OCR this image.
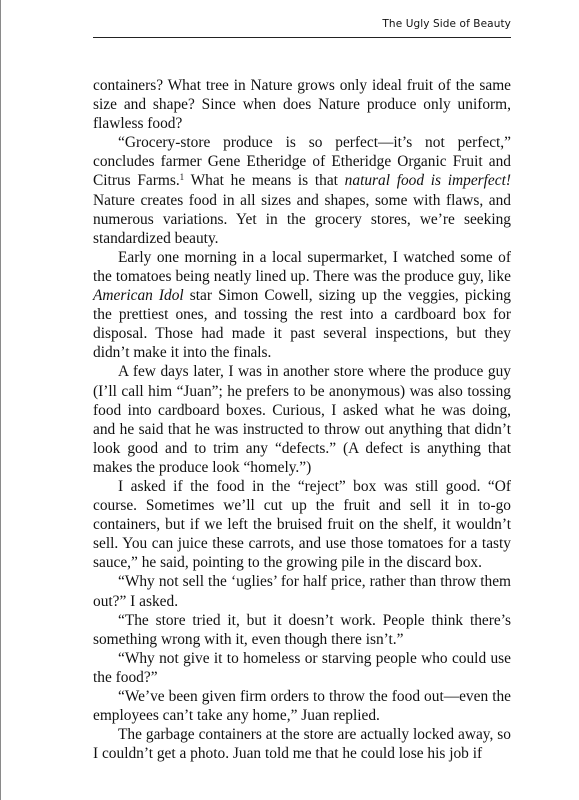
The Ugly Side of Beauty

containers? What tree in Nature grows only ideal fruit of the same size and shape? Since when does Nature produce only uniform, flawless food?

“Grocery-store produce is so perfect—it’s not perfect,” concludes farmer Gene Etheridge of Etheridge Organic Fruit and Citrus Farms.$^1$ What he means is that natural food is imperfect! Nature creates food in all sizes and shapes, some with flaws, and numerous variations. Yet in the grocery stores, we’re seeking standardized beauty.

Early one morning in a local supermarket, I watched some of the tomatoes being neatly lined up. There was the produce guy, like American Idol star Simon Cowell, sizing up the veggies, picking the prettiest ones, and tossing the rest into a cardboard box for disposal. Those had made it past several inspections, but they didn’t make it into the finals.

A few days later, I was in another store where the produce guy (I’ll call him “Juan”; he prefers to be anonymous) was also tossing food into cardboard boxes. Curious, I asked what he was doing, and he said that he was instructed to throw out anything that didn’t look good and to trim any “defects.” (A defect is anything that makes the produce look “homely.”)

I asked if the food in the “reject” box was still good. “Of course. Sometimes we’ll cut up the fruit and sell it in to-go containers, but if we left the bruised fruit on the shelf, it wouldn’t sell. You can juice these carrots, and use those tomatoes for a tasty sauce,” he said, pointing to the growing pile in the discard box.

“Why not sell the ‘uglies’ for half price, rather than throw them out?” I asked.

“The store tried it, but it doesn’t work. People think there’s something wrong with it, even though there isn’t.”

“Why not give it to homeless or starving people who could use the food?”

“We’ve been given firm orders to throw the food out—even the employees can’t take any home,” Juan replied.

The garbage containers at the store are actually locked away, so I couldn’t get a photo. Juan told me that he could lose his job if
